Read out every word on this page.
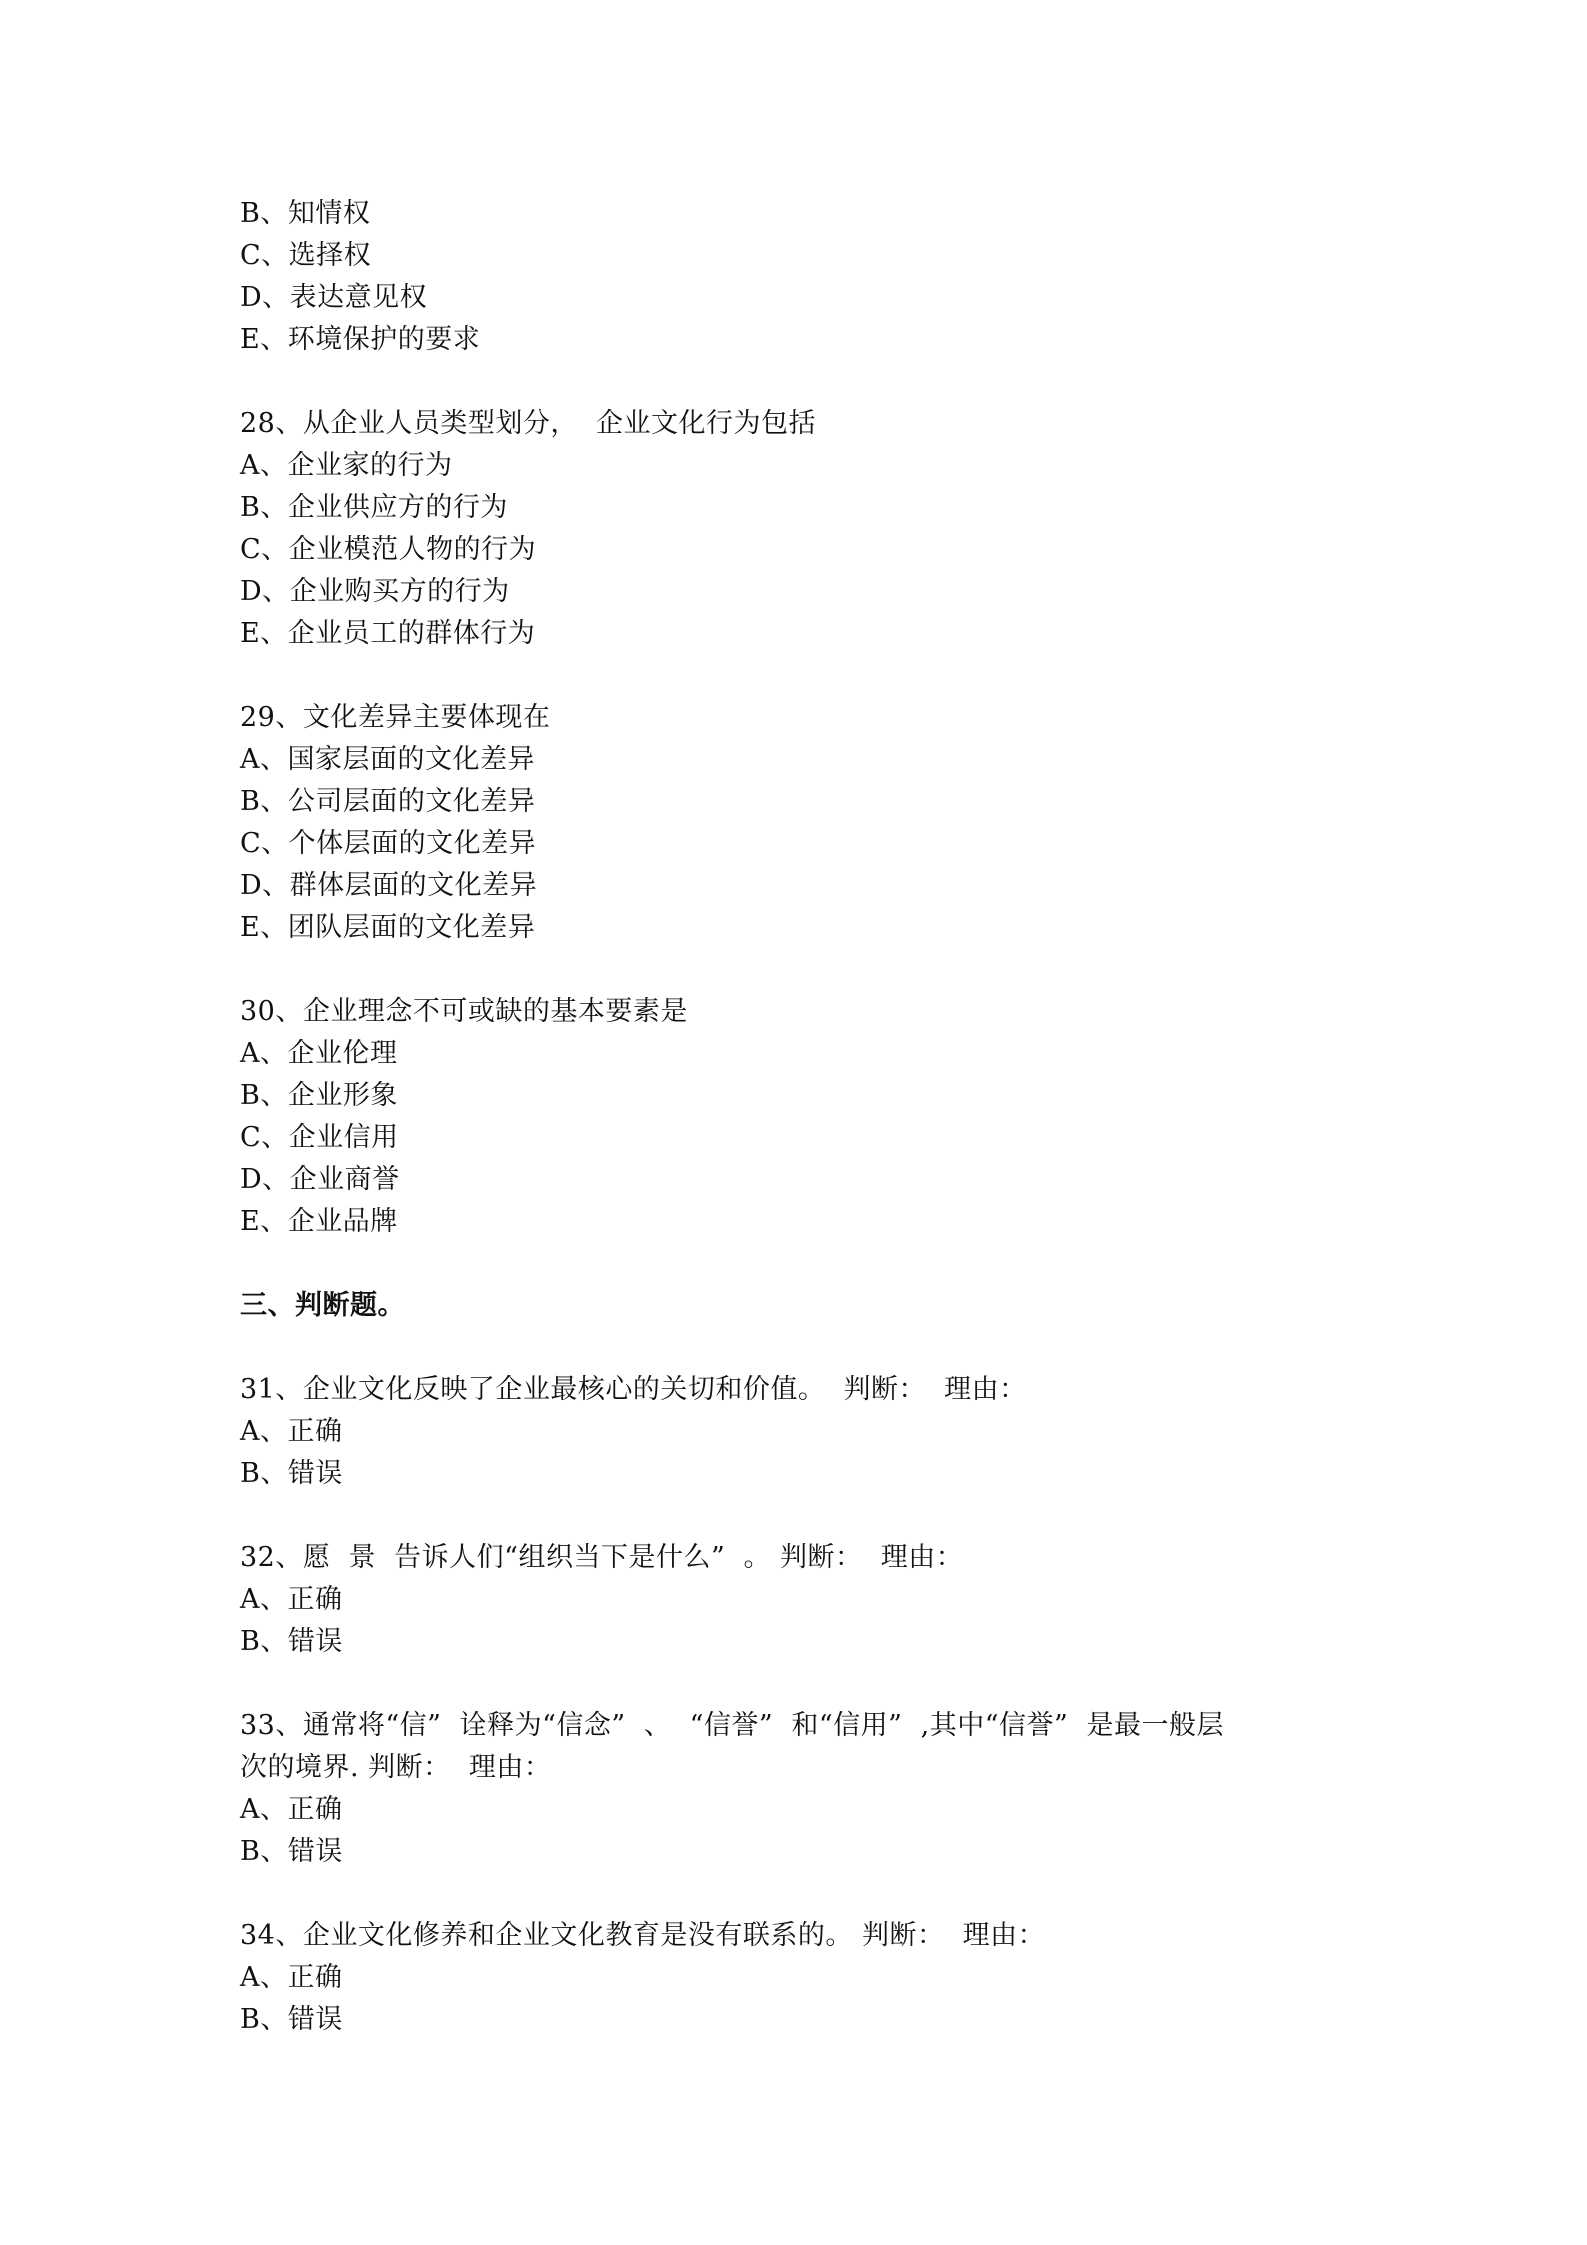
B、知情权
C、选择权
D、表达意见权
E、环境保护的要求
28、从企业人员类型划分，  企业文化行为包括
A、企业家的行为
B、企业供应方的行为
C、企业模范人物的行为
D、企业购买方的行为
E、企业员工的群体行为
29、文化差异主要体现在
A、国家层面的文化差异
B、公司层面的文化差异
C、个体层面的文化差异
D、群体层面的文化差异
E、团队层面的文化差异
30、企业理念不可或缺的基本要素是
A、企业伦理
B、企业形象
C、企业信用
D、企业商誉
E、企业品牌
三、判断题。
31、企业文化反映了企业最核心的关切和价值。  判断：  理由：
A、正确
B、错误
32、愿  景  告诉人们“组织当下是什么”  。 判断：  理由：
A、正确
B、错误
33、通常将“信”  诠释为“信念”  、  “信誉”  和“信用”  ,其中“信誉”  是最一般层
次的境界. 判断：  理由：
A、正确
B、错误
34、企业文化修养和企业文化教育是没有联系的。 判断：  理由：
A、正确
B、错误
